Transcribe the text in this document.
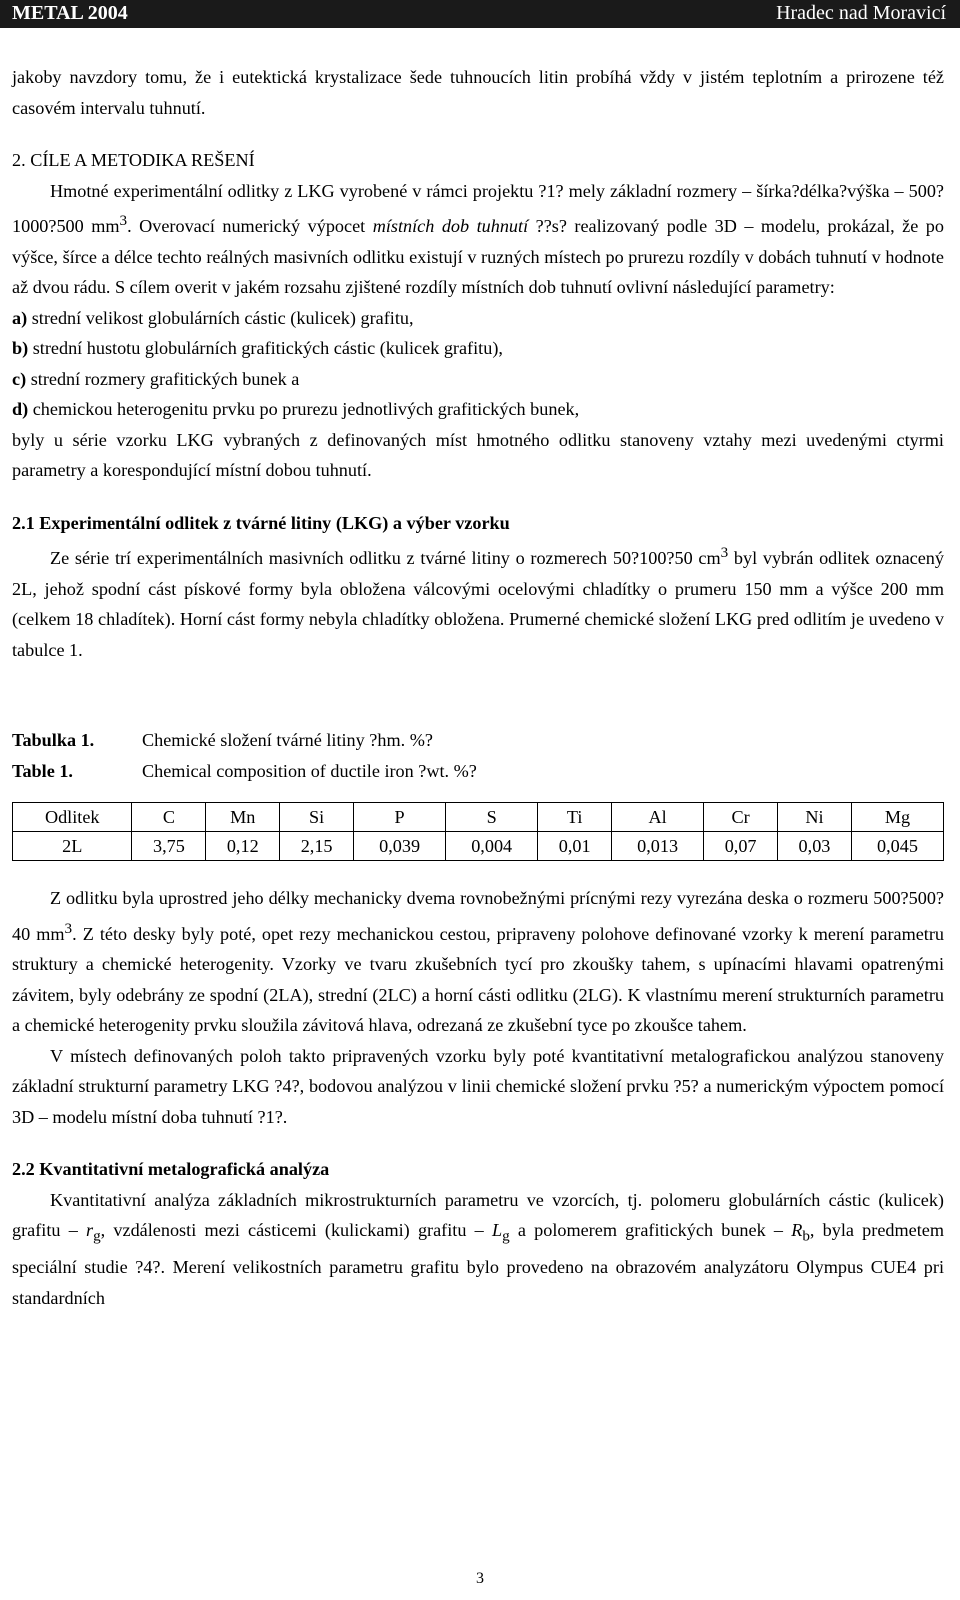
METAL 2004	Hradec nad Moravicí

jakoby navzdory tomu, že i eutektická krystalizace šede tuhnoucích litin probíhá vždy v jistém teplotním a prirozene též casovém intervalu tuhnutí.

2. CÍLE A METODIKA REŠENÍ

Hmotné experimentální odlitky z LKG vyrobené v rámci projektu ?1? mely základní rozmery – šírka?délka?výška – 500?1000?500 $mm^3$. Overovací numerický výpocet místních dob tuhnutí ??s? realizovaný podle 3D – modelu, prokázal, že po výšce, šírce a délce techto reálných masivních odlitku existují v ruzných místech po prurezu rozdíly v dobách tuhnutí v hodnote až dvou rádu. S cílem overit v jakém rozsahu zjištené rozdíly místních dob tuhnutí ovlivní následující parametry:

a) strední velikost globulárních cástic (kulicek) grafitu,

b) strední hustotu globulárních grafitických cástic (kulicek grafitu),

c) strední rozmery grafitických bunek a

d) chemickou heterogenitu prvku po prurezu jednotlivých grafitických bunek,

byly u série vzorku LKG vybraných z definovaných míst hmotného odlitku stanoveny vztahy mezi uvedenými ctyrmi parametry a korespondující místní dobou tuhnutí.

2.1 Experimentální odlitek z tvárné litiny (LKG) a výber vzorku

Ze série trí experimentálních masivních odlitku z tvárné litiny o rozmerech 50?100?50 $cm^3$ byl vybrán odlitek oznacený 2L, jehož spodní cást pískové formy byla obložena válcovými ocelovými chladítky o prumeru 150 mm a výšce 200 mm (celkem 18 chladítek). Horní cást formy nebyla chladítky obložena. Prumerné chemické složení LKG pred odlitím je uvedeno v tabulce 1.

Tabulka 1.	Chemické složení tvárné litiny ?hm. %?
Table 1.	Chemical composition of ductile iron ?wt. %?
Odlitek	C	Mn	Si	P	S	Ti	Al	Cr	Ni	Mg
2L	3,75	0,12	2,15	0,039	0,004	0,01	0,013	0,07	0,03	0,045

Z odlitku byla uprostred jeho délky mechanicky dvema rovnobežnými prícnými rezy vyrezána deska o rozmeru 500?500?40 $mm^3$. Z této desky byly poté, opet rezy mechanickou cestou, pripraveny polohove definované vzorky k merení parametru struktury a chemické heterogenity. Vzorky ve tvaru zkušebních tycí pro zkoušky tahem, s upínacími hlavami opatrenými závitem, byly odebrány ze spodní (2LA), strední (2LC) a horní cásti odlitku (2LG). K vlastnímu merení strukturních parametru a chemické heterogenity prvku sloužila závitová hlava, odrezaná ze zkušební tyce po zkoušce tahem.

V místech definovaných poloh takto pripravených vzorku byly poté kvantitativní metalografickou analýzou stanoveny základní strukturní parametry LKG ?4?, bodovou analýzou v linii chemické složení prvku ?5? a numerickým výpoctem pomocí 3D – modelu místní doba tuhnutí ?1?.

2.2 Kvantitativní metalografická analýza

Kvantitativní analýza základních mikrostrukturních parametru ve vzorcích, tj. polomeru globulárních cástic (kulicek) grafitu – $r_g$, vzdálenosti mezi cásticemi (kulickami) grafitu – $L_g$ a polomerem grafitických bunek – $R_b$, byla predmetem speciální studie ?4?. Merení velikostních parametru grafitu bylo provedeno na obrazovém analyzátoru Olympus CUE4 pri standardních

3
